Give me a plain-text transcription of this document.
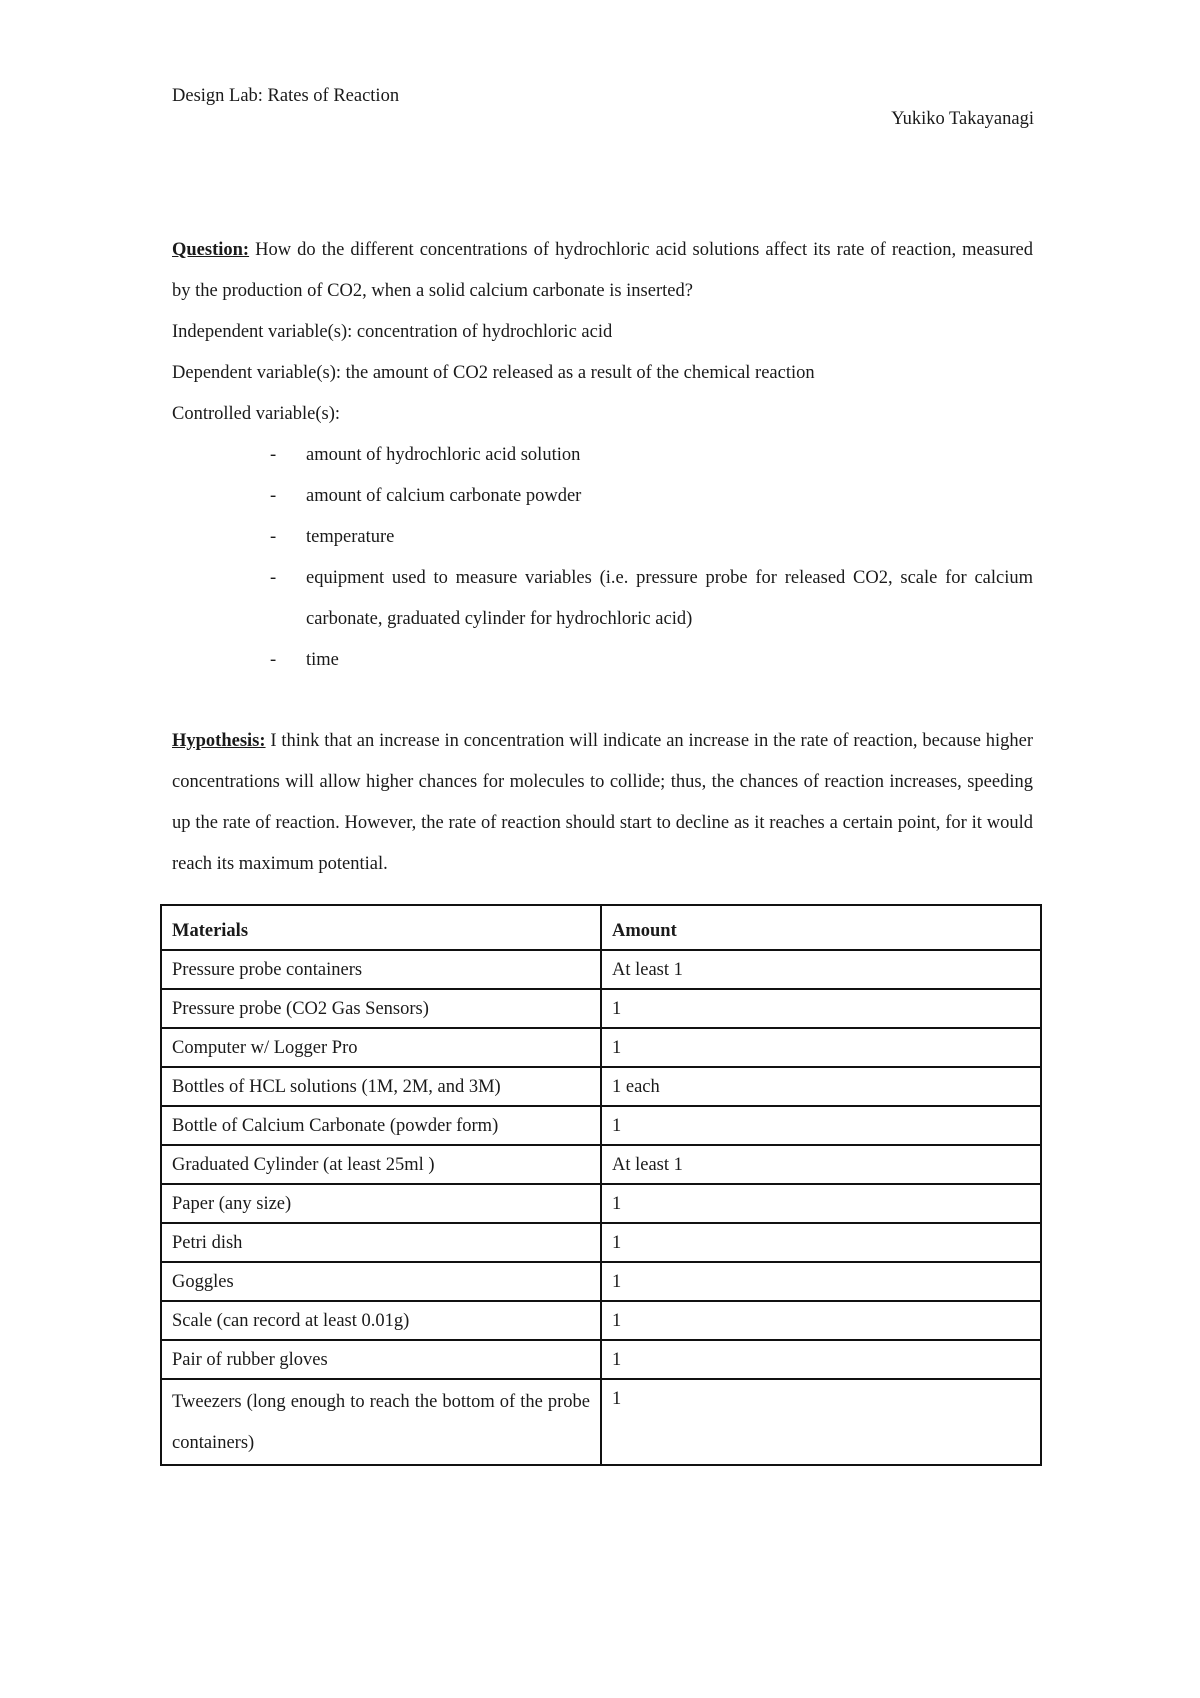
Design Lab: Rates of Reaction
Yukiko Takayanagi
Question: How do the different concentrations of hydrochloric acid solutions affect its rate of reaction, measured by the production of CO2, when a solid calcium carbonate is inserted?
Independent variable(s): concentration of hydrochloric acid
Dependent variable(s): the amount of CO2 released as a result of the chemical reaction
Controlled variable(s):
- amount of hydrochloric acid solution
- amount of calcium carbonate powder
- temperature
- equipment used to measure variables (i.e. pressure probe for released CO2, scale for calcium carbonate, graduated cylinder for hydrochloric acid)
- time
Hypothesis: I think that an increase in concentration will indicate an increase in the rate of reaction, because higher concentrations will allow higher chances for molecules to collide; thus, the chances of reaction increases, speeding up the rate of reaction. However, the rate of reaction should start to decline as it reaches a certain point, for it would reach its maximum potential.
Materials	Amount
Pressure probe containers	At least 1
Pressure probe (CO2 Gas Sensors)	1
Computer w/ Logger Pro	1
Bottles of HCL solutions (1M, 2M, and 3M)	1 each
Bottle of Calcium Carbonate (powder form)	1
Graduated Cylinder (at least 25ml )	At least 1
Paper (any size)	1
Petri dish	1
Goggles	1
Scale (can record at least 0.01g)	1
Pair of rubber gloves	1
Tweezers (long enough to reach the bottom of the probe containers)	1
